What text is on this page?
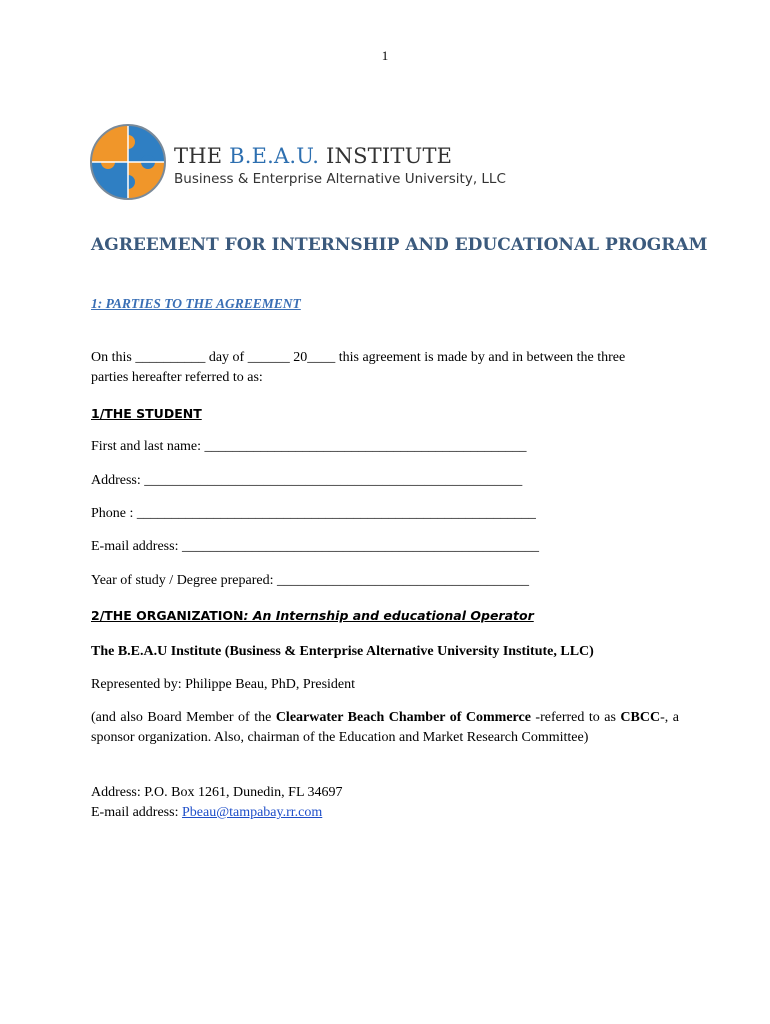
1
THE B.E.A.U. INSTITUTE
Business & Enterprise Alternative University, LLC
AGREEMENT FOR INTERNSHIP AND EDUCATIONAL PROGRAM
1: PARTIES TO THE AGREEMENT
On this __________ day of ______ 20____ this agreement is made by and in between the three
parties hereafter referred to as:
1/THE STUDENT
First and last name: ______________________________________________
Address: ______________________________________________________
Phone : _________________________________________________________
E-mail address: ___________________________________________________
Year of study / Degree prepared: ____________________________________
2/THE ORGANIZATION: An Internship and educational Operator
The B.E.A.U Institute (Business & Enterprise Alternative University Institute, LLC)
Represented by: Philippe Beau, PhD, President
(and also Board Member of the Clearwater Beach Chamber of Commerce -referred to as CBCC-, a sponsor organization. Also, chairman of the Education and Market Research Committee)
Address: P.O. Box 1261, Dunedin, FL 34697
E-mail address: Pbeau@tampabay.rr.com
